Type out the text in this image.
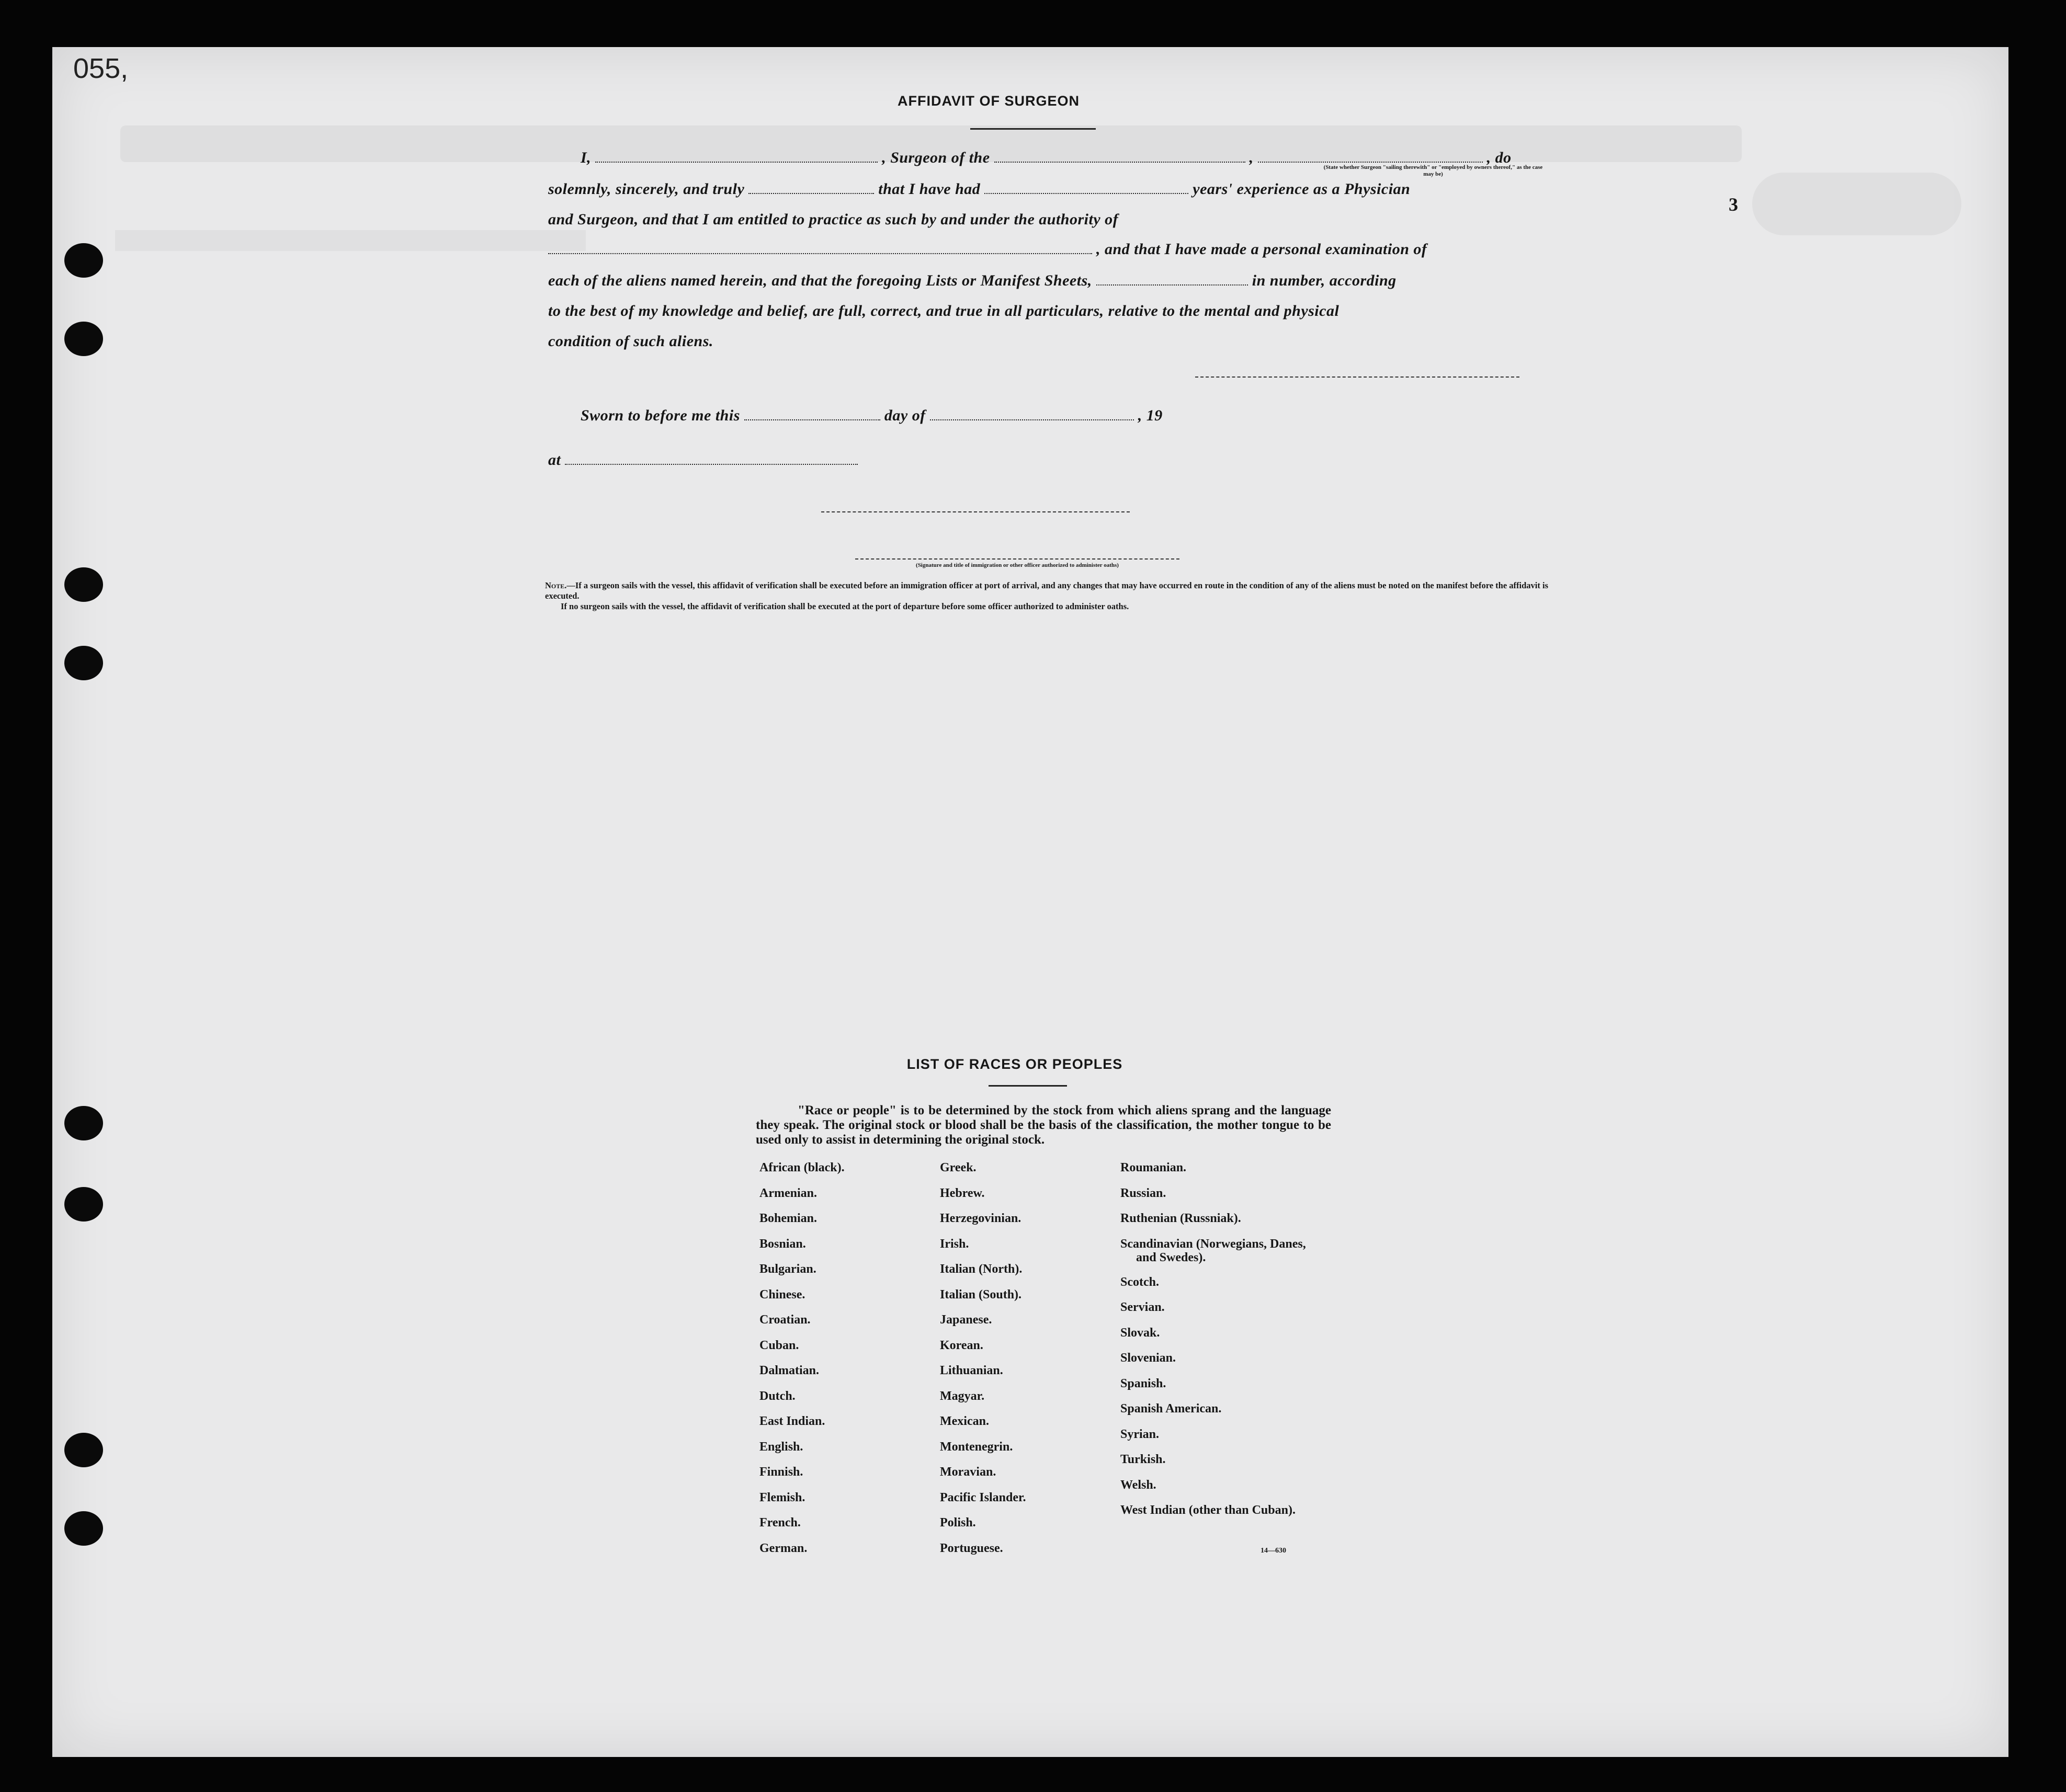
055,
3
AFFIDAVIT OF SURGEON
I,	, Surgeon of the	,	, do
(State whether Surgeon "sailing therewith" or "employed by owners thereof," as the case may be)
solemnly, sincerely, and truly	that I have had	years' experience as a Physician
and Surgeon, and that I am entitled to practice as such by and under the authority of
, and that I have made a personal examination of
each of the aliens named herein, and that the foregoing Lists or Manifest Sheets,	in number, according
to the best of my knowledge and belief, are full, correct, and true in all particulars, relative to the mental and physical
condition of such aliens.
Sworn to before me this	day of	, 19
at
(Signature and title of immigration or other officer authorized to administer oaths)
Note.—If a surgeon sails with the vessel, this affidavit of verification shall be executed before an immigration officer at port of arrival, and any changes that may have occurred en route in the condition of any of the aliens must be noted on the manifest before the affidavit is executed.
If no surgeon sails with the vessel, the affidavit of verification shall be executed at the port of departure before some officer authorized to administer oaths.
LIST OF RACES OR PEOPLES
"Race or people" is to be determined by the stock from which aliens sprang and the language they speak. The original stock or blood shall be the basis of the classification, the mother tongue to be used only to assist in determining the original stock.
African (black).
Armenian.
Bohemian.
Bosnian.
Bulgarian.
Chinese.
Croatian.
Cuban.
Dalmatian.
Dutch.
East Indian.
English.
Finnish.
Flemish.
French.
German.
Greek.
Hebrew.
Herzegovinian.
Irish.
Italian (North).
Italian (South).
Japanese.
Korean.
Lithuanian.
Magyar.
Mexican.
Montenegrin.
Moravian.
Pacific Islander.
Polish.
Portuguese.
Roumanian.
Russian.
Ruthenian (Russniak).
Scandinavian (Norwegians, Danes, and Swedes).
Scotch.
Servian.
Slovak.
Slovenian.
Spanish.
Spanish American.
Syrian.
Turkish.
Welsh.
West Indian (other than Cuban).
14—630
